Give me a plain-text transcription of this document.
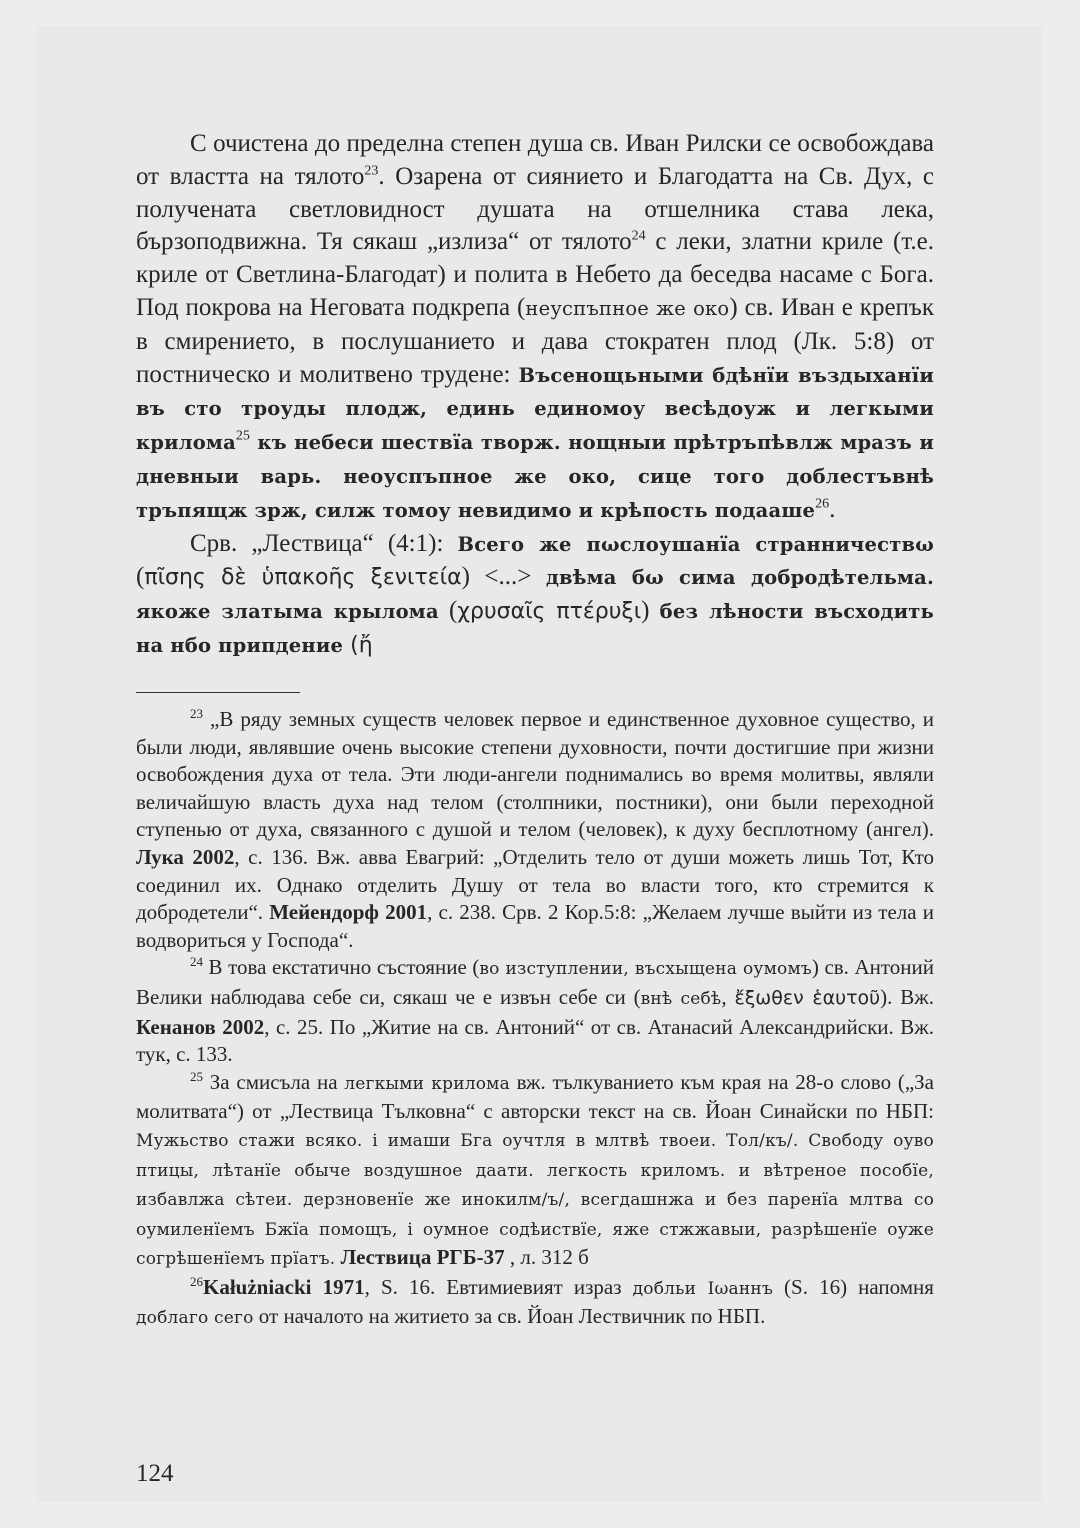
С очистена до пределна степен душа св. Иван Рилски се освобождава от властта на тялото$^{23}$. Озарена от сиянието и Благодатта на Св. Дух, с получената светловидност душата на отшелника става лека, бързоподвижна. Тя сякаш „излиза“ от тялото$^{24}$ с леки, златни криле (т.е. криле от Светлина-Благодат) и полита в Небето да беседва насаме с Бога. Под покрова на Неговата подкрепа (неуспъпное же око) св. Иван е крепък в смирението, в послушанието и дава стократен плод (Лк. 5:8) от постническо и молитвено трудене: Въсенощьными бдѣнїи въздыханїи въ сто троуды плодж, единь единомоу весѣдоуж и легкыми крилома$^{25}$ къ небеси шествїа творж. нощныи прѣтръпѣвлж мразъ и дневныи варь. неоуспъпное же око, сице того доблестъвнѣ тръпящж зрж, силж томоу невидимо и крѣпость подааше$^{26}$.

Срв. „Лествица“ (4:1): Всего же пωслоушанїа странничествω (πῖσης δὲ ὑπακοῆς ξενιτεία) <...> двѣма бω сима добродѣтельма. якоже златыма крылома (χρυσαῖς πτέρυξι) без лѣности въсходить на нбо припдение (ἤ

$^{23}$ „В ряду земных существ человек первое и единственное духовное существо, и были люди, являвшие очень высокие степени духовности, почти достигшие при жизни освобождения духа от тела. Эти люди-ангели поднимались во время молитвы, являли величайшую власть духа над телом (столпники, постники), они были переходной ступенью от духа, связанного с душой и телом (человек), к духу бесплотному (ангел). Лука 2002, с. 136. Вж. авва Евагрий: „Отделить тело от души можеть лишь Тот, Кто соединил их. Однако отделить Душу от тела во власти того, кто стремится к добродетели“. Мейендорф 2001, с. 238. Срв. 2 Кор.5:8: „Желаем лучше выйти из тела и водвориться у Господа“.

$^{24}$ В това екстатично състояние (во изступлении, въсхыщена оумомъ) св. Антоний Велики наблюдава себе си, сякаш че е извън себе си (внѣ себѣ, ἔξωθεν ἑαυτοῦ). Вж. Кенанов 2002, с. 25. По „Житие на св. Антоний“ от св. Атанасий Александрийски. Вж. тук, с. 133.

$^{25}$ За смисъла на легкыми крилома вж. тълкуванието към края на 28-о слово („За молитвата“) от „Лествица Тълковна“ с авторски текст на св. Йоан Синайски по НБП: Мужьство стажи всяко. і имаши Бга оучтля в млтвѣ твоеи. Тол/къ/. Свободу оуво птицы, лѣтанїе обыче воздушное даати. легкость криломъ. и вѣтреное пособїе, избавлжа сѣтеи. дерзновенїе же инокилм/ъ/, всегдашнжа и без паренїа млтва со оумиленїемъ Бжїа помощъ, і оумное содѣиствїе, яже стжжавыи, разрѣшенїе оуже согрѣшенїемъ прїатъ. Лествица РГБ-37 , л. 312 б

$^{26}$Kałużniacki 1971, S. 16. Евтимиевият израз добльи Іωаннъ (S. 16) напомня доблаго сего от началото на житието за св. Йоан Лествичник по НБП.

124
